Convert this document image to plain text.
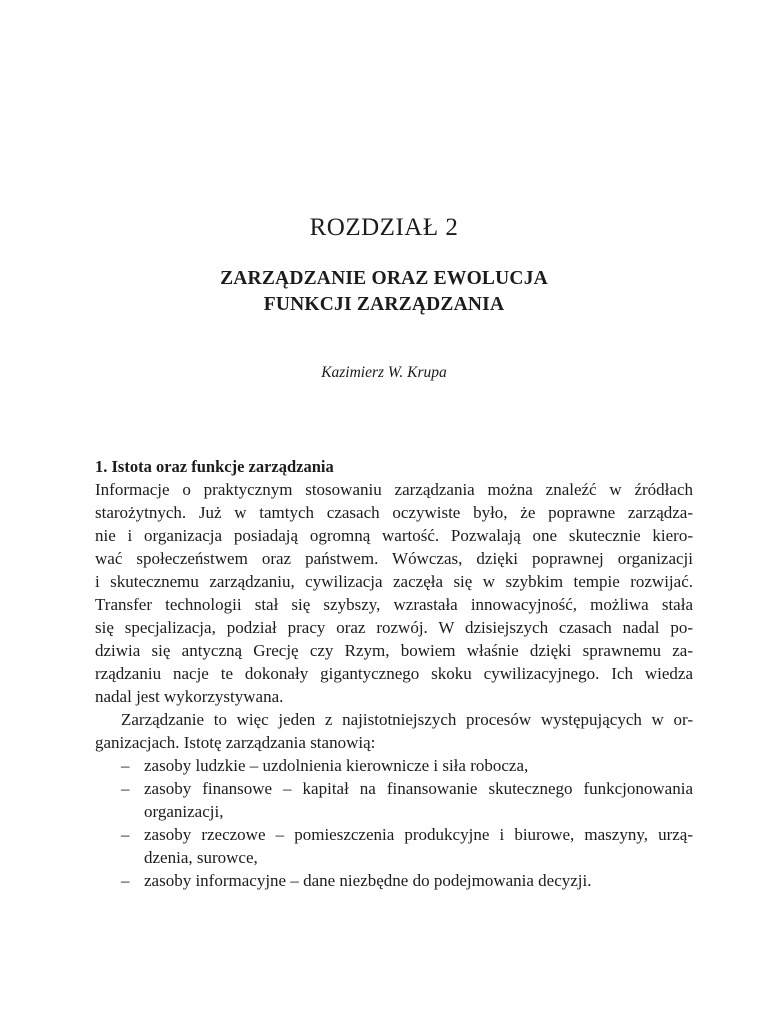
ROZDZIAŁ 2
ZARZĄDZANIE ORAZ EWOLUCJA
FUNKCJI ZARZĄDZANIA
Kazimierz W. Krupa
1. Istota oraz funkcje zarządzania
Informacje o praktycznym stosowaniu zarządzania można znaleźć w źródłach
starożytnych. Już w tamtych czasach oczywiste było, że poprawne zarządza-
nie i organizacja posiadają ogromną wartość. Pozwalają one skutecznie kiero-
wać społeczeństwem oraz państwem. Wówczas, dzięki poprawnej organizacji
i skutecznemu zarządzaniu, cywilizacja zaczęła się w szybkim tempie rozwijać.
Transfer technologii stał się szybszy, wzrastała innowacyjność, możliwa stała
się specjalizacja, podział pracy oraz rozwój. W dzisiejszych czasach nadal po-
dziwia się antyczną Grecję czy Rzym, bowiem właśnie dzięki sprawnemu za-
rządzaniu nacje te dokonały gigantycznego skoku cywilizacyjnego. Ich wiedza
nadal jest wykorzystywana.
Zarządzanie to więc jeden z najistotniejszych procesów występujących w or-
ganizacjach. Istotę zarządzania stanowią:
– zasoby ludzkie – uzdolnienia kierownicze i siła robocza,
– zasoby finansowe – kapitał na finansowanie skutecznego funkcjonowania
organizacji,
– zasoby rzeczowe – pomieszczenia produkcyjne i biurowe, maszyny, urzą-
dzenia, surowce,
– zasoby informacyjne – dane niezbędne do podejmowania decyzji.
